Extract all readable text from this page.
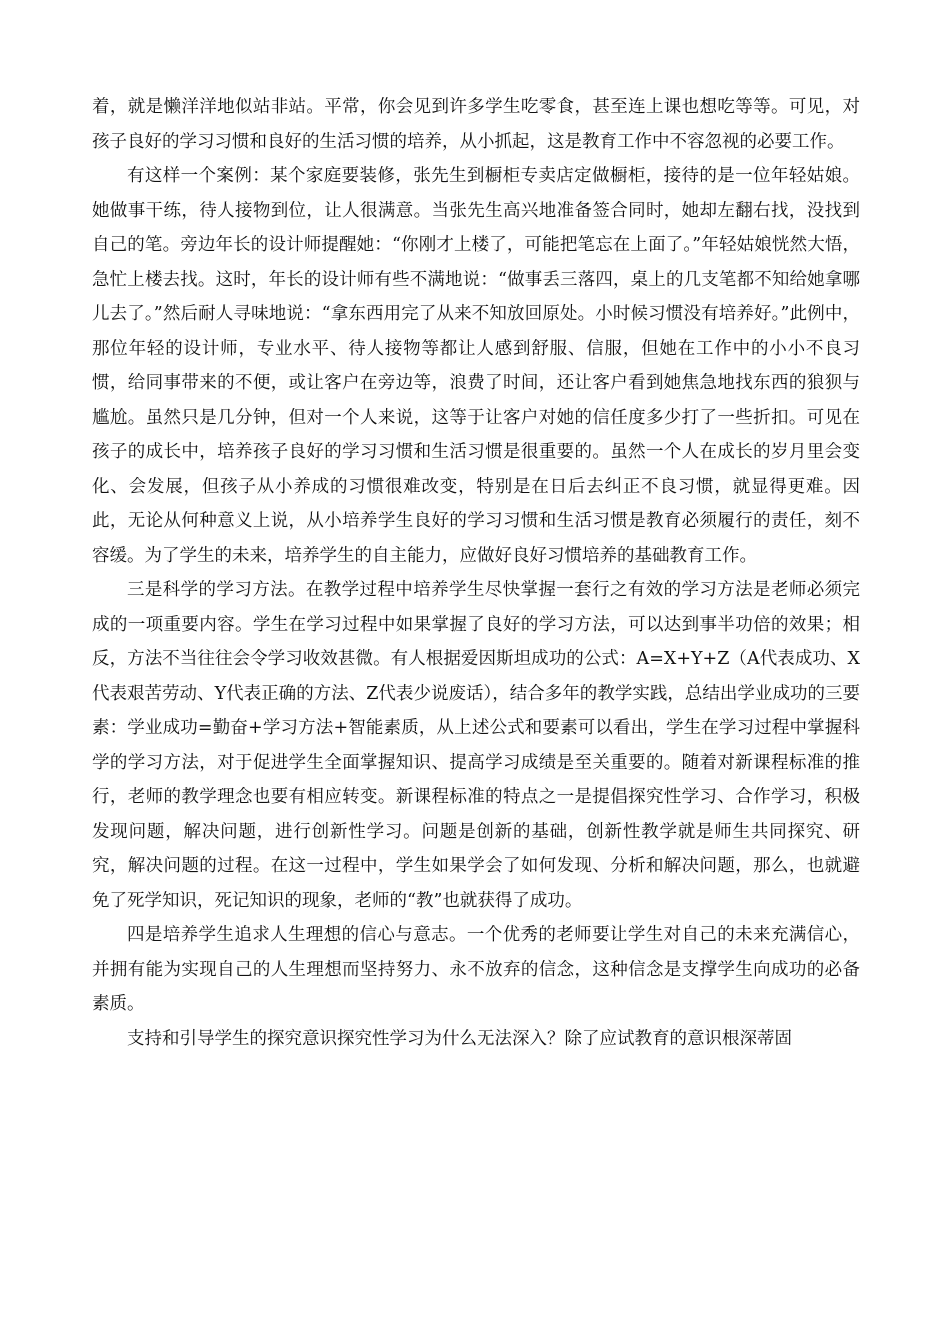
着，就是懒洋洋地似站非站。平常，你会见到许多学生吃零食，甚至连上课也想吃等等。可见，对孩子良好的学习习惯和良好的生活习惯的培养，从小抓起，这是教育工作中不容忽视的必要工作。

有这样一个案例：某个家庭要装修，张先生到橱柜专卖店定做橱柜，接待的是一位年轻姑娘。她做事干练，待人接物到位，让人很满意。当张先生高兴地准备签合同时，她却左翻右找，没找到自己的笔。旁边年长的设计师提醒她：“你刚才上楼了，可能把笔忘在上面了。”年轻姑娘恍然大悟，急忙上楼去找。这时，年长的设计师有些不满地说：“做事丢三落四，桌上的几支笔都不知给她拿哪儿去了。”然后耐人寻味地说：“拿东西用完了从来不知放回原处。小时候习惯没有培养好。”此例中，那位年轻的设计师，专业水平、待人接物等都让人感到舒服、信服，但她在工作中的小小不良习惯，给同事带来的不便，或让客户在旁边等，浪费了时间，还让客户看到她焦急地找东西的狼狈与尴尬。虽然只是几分钟，但对一个人来说，这等于让客户对她的信任度多少打了一些折扣。可见在孩子的成长中，培养孩子良好的学习习惯和生活习惯是很重要的。虽然一个人在成长的岁月里会变化、会发展，但孩子从小养成的习惯很难改变，特别是在日后去纠正不良习惯，就显得更难。因此，无论从何种意义上说，从小培养学生良好的学习习惯和生活习惯是教育必须履行的责任，刻不容缓。为了学生的未来，培养学生的自主能力，应做好良好习惯培养的基础教育工作。

三是科学的学习方法。在教学过程中培养学生尽快掌握一套行之有效的学习方法是老师必须完成的一项重要内容。学生在学习过程中如果掌握了良好的学习方法，可以达到事半功倍的效果；相反，方法不当往往会令学习收效甚微。有人根据爱因斯坦成功的公式：A=X+Y+Z（A代表成功、X代表艰苦劳动、Y代表正确的方法、Z代表少说废话），结合多年的教学实践，总结出学业成功的三要素：学业成功=勤奋+学习方法+智能素质，从上述公式和要素可以看出，学生在学习过程中掌握科学的学习方法，对于促进学生全面掌握知识、提高学习成绩是至关重要的。随着对新课程标准的推行，老师的教学理念也要有相应转变。新课程标准的特点之一是提倡探究性学习、合作学习，积极发现问题，解决问题，进行创新性学习。问题是创新的基础，创新性教学就是师生共同探究、研究，解决问题的过程。在这一过程中，学生如果学会了如何发现、分析和解决问题，那么，也就避免了死学知识，死记知识的现象，老师的“教”也就获得了成功。

四是培养学生追求人生理想的信心与意志。一个优秀的老师要让学生对自己的未来充满信心，并拥有能为实现自己的人生理想而坚持努力、永不放弃的信念，这种信念是支撑学生向成功的必备素质。

支持和引导学生的探究意识探究性学习为什么无法深入？除了应试教育的意识根深蒂固
